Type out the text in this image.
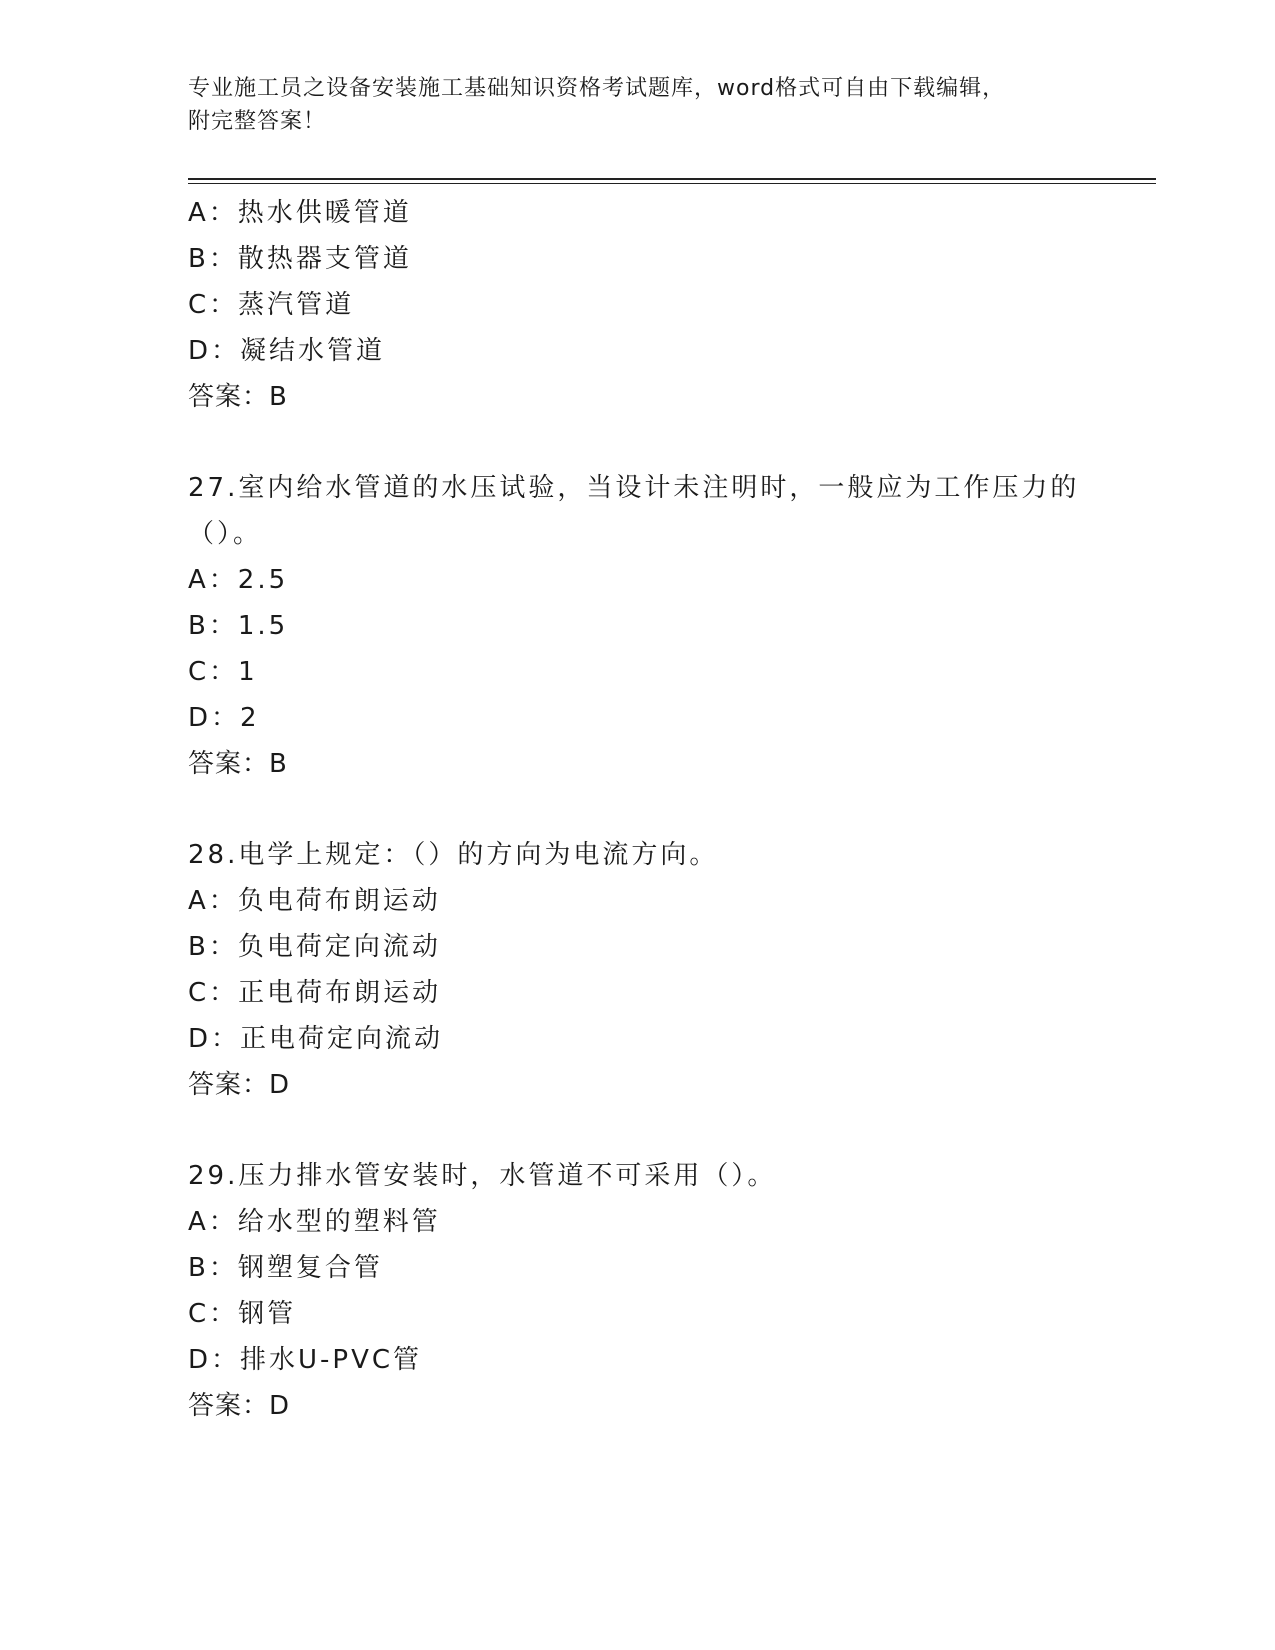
专业施工员之设备安装施工基础知识资格考试题库，word格式可自由下载编辑，
附完整答案！
A：热水供暖管道
B：散热器支管道
C：蒸汽管道
D：凝结水管道
答案：B
27.室内给水管道的水压试验，当设计未注明时，一般应为工作压力的
（）。
A：2.5
B：1.5
C：1
D：2
答案：B
28.电学上规定：（）的方向为电流方向。
A：负电荷布朗运动
B：负电荷定向流动
C：正电荷布朗运动
D：正电荷定向流动
答案：D
29.压力排水管安装时，水管道不可采用（）。
A：给水型的塑料管
B：钢塑复合管
C：钢管
D：排水U-PVC管
答案：D
